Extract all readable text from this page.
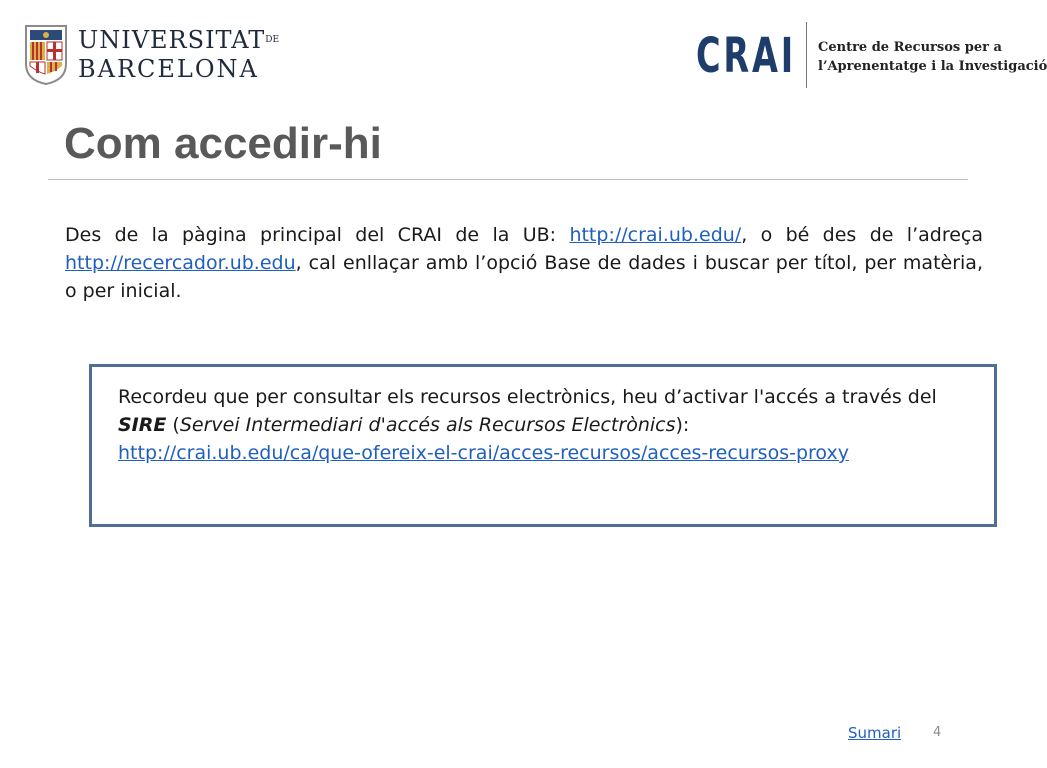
$UNIVERSITAT^{DE}$
BARCELONA	CRAI Centre de Recursos per a
l’Aprenentatge i la Investigació
Com accedir-hi

Des de la pàgina principal del CRAI de la UB: http://crai.ub.edu/, o bé des de l’adreça http://recercador.ub.edu, cal enllaçar amb l’opció Base de dades i buscar per títol, per matèria, o per inicial.

Recordeu que per consultar els recursos electrònics, heu d’activar l'accés a través del SIRE (Servei Intermediari d'accés als Recursos Electrònics):
http://crai.ub.edu/ca/que-ofereix-el-crai/acces-recursos/acces-recursos-proxy

Sumari 4
